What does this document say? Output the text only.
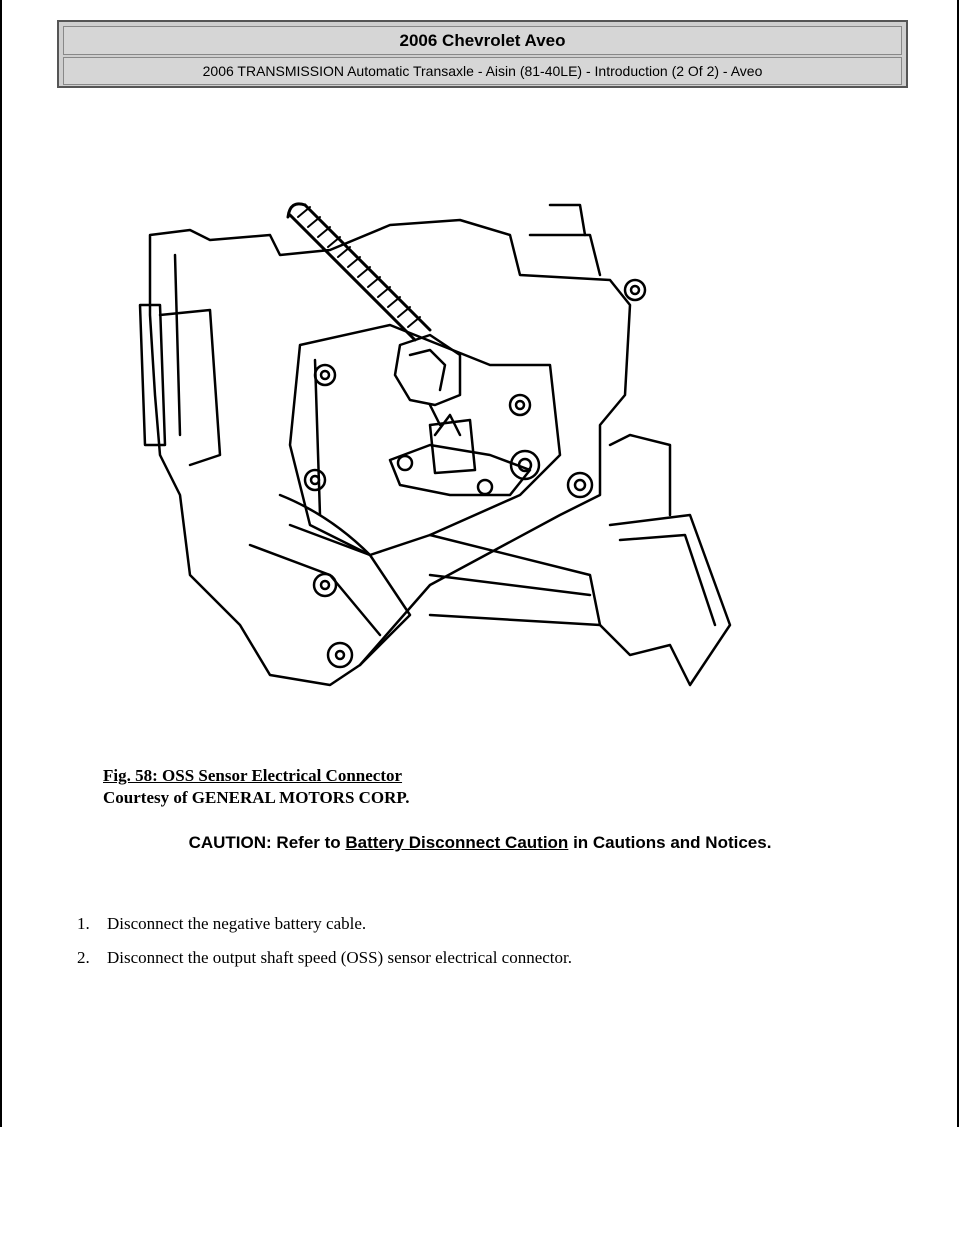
2006 Chevrolet Aveo
2006 TRANSMISSION Automatic Transaxle - Aisin (81-40LE) - Introduction (2 Of 2) - Aveo
Fig. 58: OSS Sensor Electrical Connector
Courtesy of GENERAL MOTORS CORP.
CAUTION: Refer to Battery Disconnect Caution in Cautions and Notices.
1. Disconnect the negative battery cable.
2. Disconnect the output shaft speed (OSS) sensor electrical connector.
